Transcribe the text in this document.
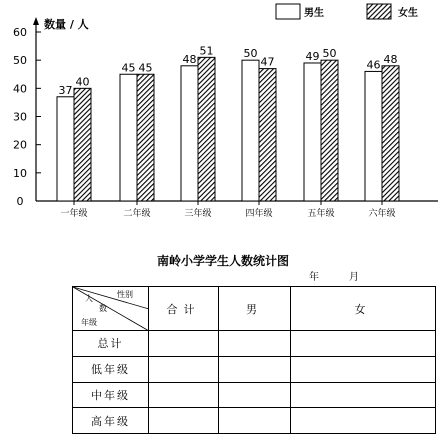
0
10
20
30
40
50
60
数量 / 人
一年级	二年级	三年级	四年级	五年级	六年级
37
40
45 45
48
51	50
47	49 50
46 48
男生	女生
南岭小学学生人数统计图
年	月
性别
人
数
年级	合计	男	女
总计			
低年级			
中年级			
高年级			
